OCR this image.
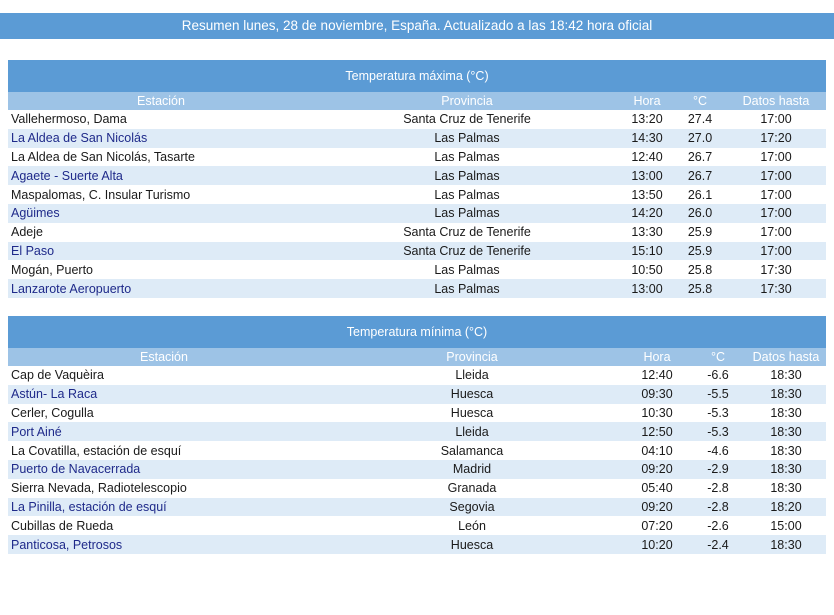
Resumen lunes, 28 de noviembre, España. Actualizado a las 18:42 hora oficial
Temperatura máxima (°C)
Estación	Provincia	Hora	°C	Datos hasta
Vallehermoso, Dama	Santa Cruz de Tenerife	13:20	27.4	17:00
La Aldea de San Nicolás	Las Palmas	14:30	27.0	17:20
La Aldea de San Nicolás, Tasarte	Las Palmas	12:40	26.7	17:00
Agaete - Suerte Alta	Las Palmas	13:00	26.7	17:00
Maspalomas, C. Insular Turismo	Las Palmas	13:50	26.1	17:00
Agüimes	Las Palmas	14:20	26.0	17:00
Adeje	Santa Cruz de Tenerife	13:30	25.9	17:00
El Paso	Santa Cruz de Tenerife	15:10	25.9	17:00
Mogán, Puerto	Las Palmas	10:50	25.8	17:30
Lanzarote Aeropuerto	Las Palmas	13:00	25.8	17:30
Temperatura mínima (°C)
Estación	Provincia	Hora	°C	Datos hasta
Cap de Vaquèira	Lleida	12:40	-6.6	18:30
Astún- La Raca	Huesca	09:30	-5.5	18:30
Cerler, Cogulla	Huesca	10:30	-5.3	18:30
Port Ainé	Lleida	12:50	-5.3	18:30
La Covatilla, estación de esquí	Salamanca	04:10	-4.6	18:30
Puerto de Navacerrada	Madrid	09:20	-2.9	18:30
Sierra Nevada, Radiotelescopio	Granada	05:40	-2.8	18:30
La Pinilla, estación de esquí	Segovia	09:20	-2.8	18:20
Cubillas de Rueda	León	07:20	-2.6	15:00
Panticosa, Petrosos	Huesca	10:20	-2.4	18:30
